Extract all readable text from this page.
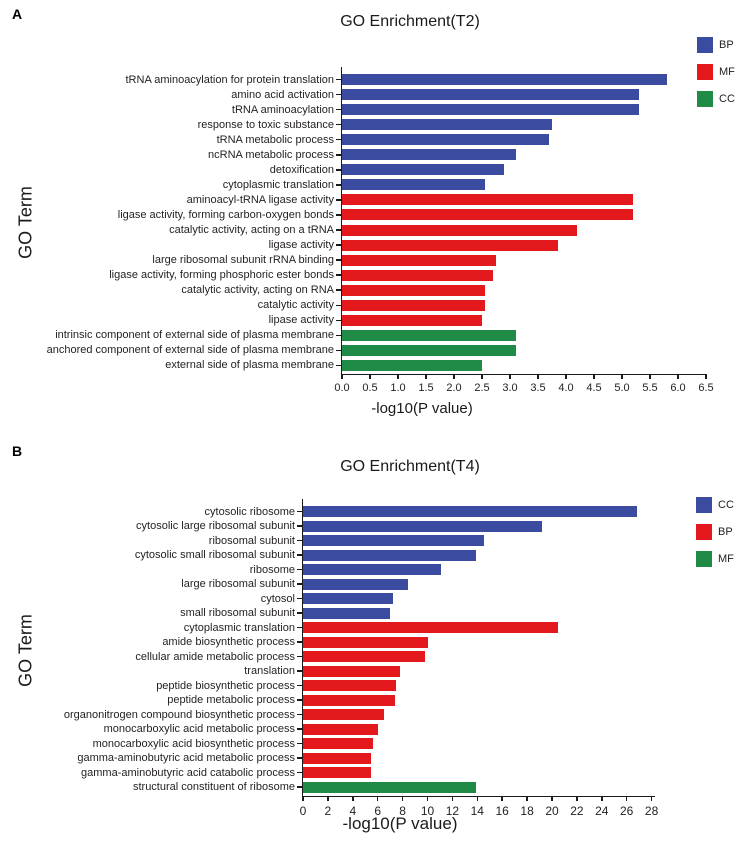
A	GO Enrichment(T2)
GO Term
tRNA aminoacylation for protein translation
amino acid activation
tRNA aminoacylation
response to toxic substance
tRNA metabolic process
ncRNA metabolic process
detoxification
cytoplasmic translation
aminoacyl-tRNA ligase activity
ligase activity, forming carbon-oxygen bonds
catalytic activity, acting on a tRNA
ligase activity
large ribosomal subunit rRNA binding
ligase activity, forming phosphoric ester bonds
catalytic activity, acting on RNA
catalytic activity
lipase activity
intrinsic component of external side of plasma membrane
anchored component of external side of plasma membrane
external side of plasma membrane
0.0	0.5	1.0	1.5	2.0	2.5	3.0	3.5	4.0	4.5	5.0	5.5	6.0	6.5
-log10(P value)
BP
MF
CC
B
GO Enrichment(T4)
GO Term
cytosolic ribosome
cytosolic large ribosomal subunit
ribosomal subunit
cytosolic small ribosomal subunit
ribosome
large ribosomal subunit
cytosol
small ribosomal subunit
cytoplasmic translation
amide biosynthetic process
cellular amide metabolic process
translation
peptide biosynthetic process
peptide metabolic process
organonitrogen compound biosynthetic process
monocarboxylic acid metabolic process
monocarboxylic acid biosynthetic process
gamma-aminobutyric acid metabolic process
gamma-aminobutyric acid catabolic process
structural constituent of ribosome
0	2	4	6	8	10 12 14 16 18 20 22 24 26 28
-log10(P value)
CC
BP
MF
